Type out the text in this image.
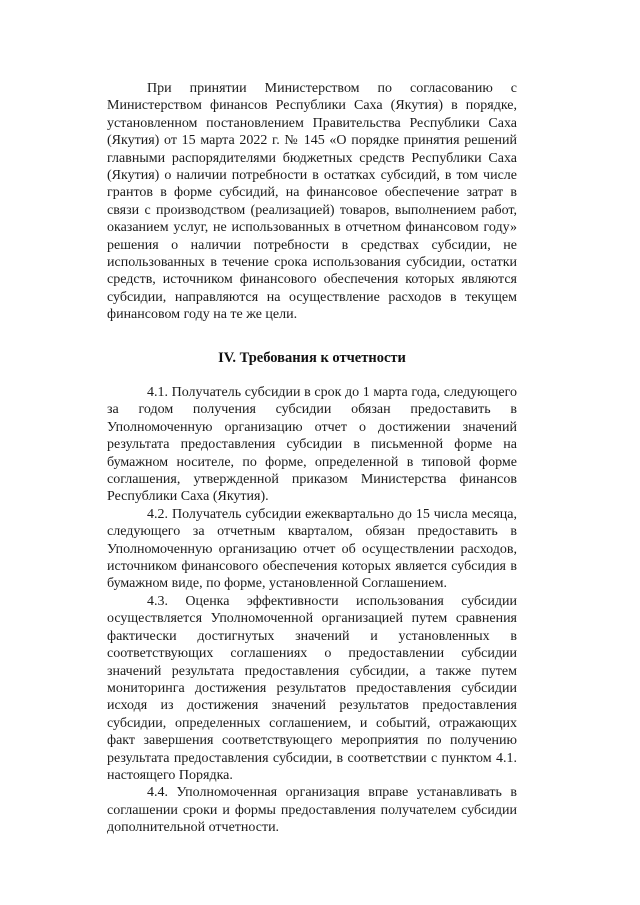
При принятии Министерством по согласованию с Министерством финансов Республики Саха (Якутия) в порядке, установленном постановлением Правительства Республики Саха (Якутия) от 15 марта 2022 г. № 145 «О порядке принятия решений главными распорядителями бюджетных средств Республики Саха (Якутия) о наличии потребности в остатках субсидий, в том числе грантов в форме субсидий, на финансовое обеспечение затрат в связи с производством (реализацией) товаров, выполнением работ, оказанием услуг, не использованных в отчетном финансовом году» решения о наличии потребности в средствах субсидии, не использованных в течение срока использования субсидии, остатки средств, источником финансового обеспечения которых являются субсидии, направляются на осуществление расходов в текущем финансовом году на те же цели.

IV. Требования к отчетности

4.1. Получатель субсидии в срок до 1 марта года, следующего за годом получения субсидии обязан предоставить в Уполномоченную организацию отчет о достижении значений результата предоставления субсидии в письменной форме на бумажном носителе, по форме, определенной в типовой форме соглашения, утвержденной приказом Министерства финансов Республики Саха (Якутия).

4.2. Получатель субсидии ежеквартально до 15 числа месяца, следующего за отчетным кварталом, обязан предоставить в Уполномоченную организацию отчет об осуществлении расходов, источником финансового обеспечения которых является субсидия в бумажном виде, по форме, установленной Соглашением.

4.3. Оценка эффективности использования субсидии осуществляется Уполномоченной организацией путем сравнения фактически достигнутых значений и установленных в соответствующих соглашениях о предоставлении субсидии значений результата предоставления субсидии, а также путем мониторинга достижения результатов предоставления субсидии исходя из достижения значений результатов предоставления субсидии, определенных соглашением, и событий, отражающих факт завершения соответствующего мероприятия по получению результата предоставления субсидии, в соответствии с пунктом 4.1. настоящего Порядка.

4.4. Уполномоченная организация вправе устанавливать в соглашении сроки и формы предоставления получателем субсидии дополнительной отчетности.
